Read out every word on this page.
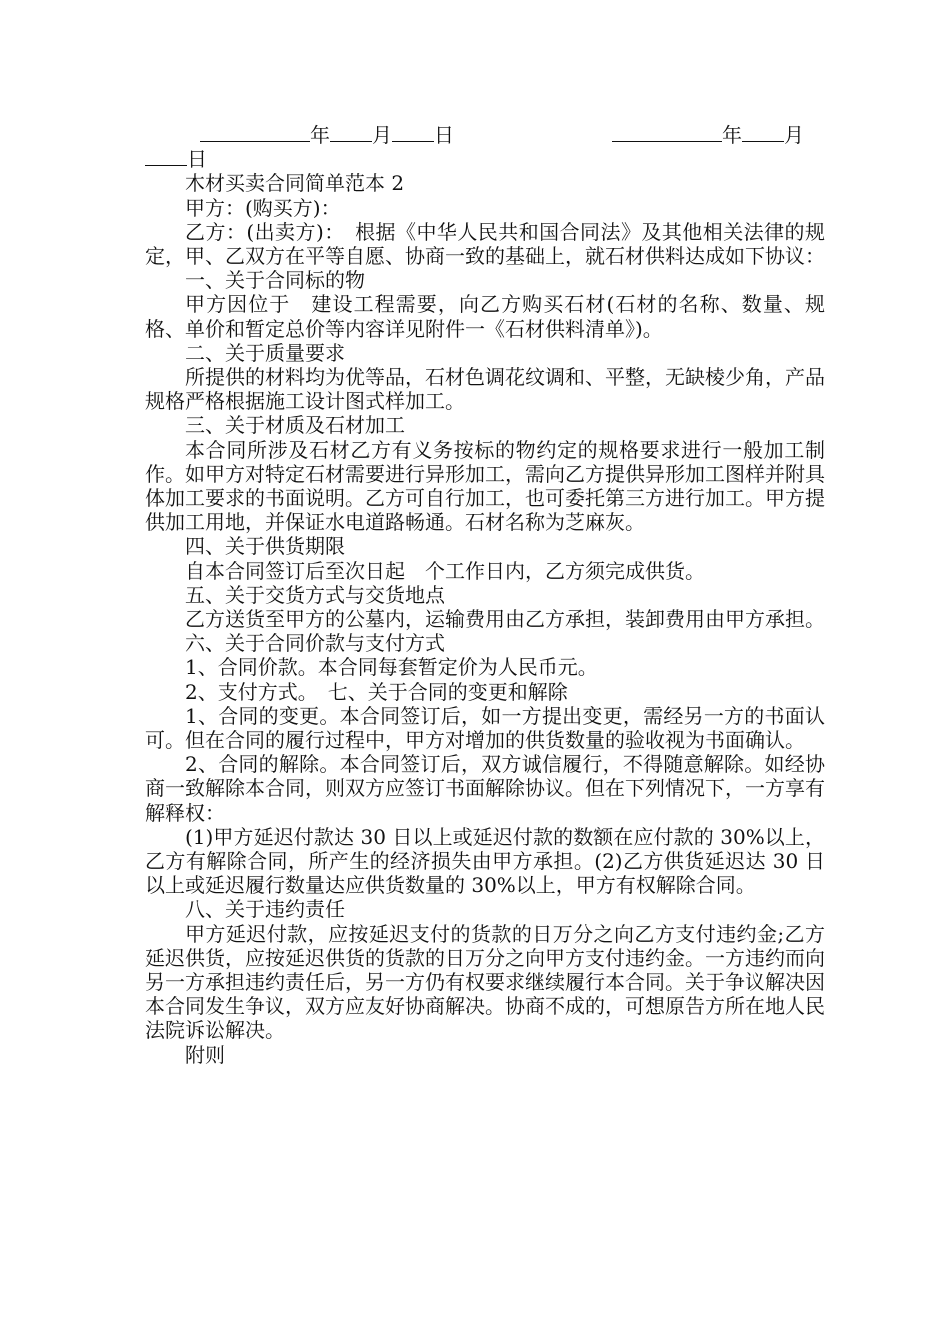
年 月 日	年 月
日

木材买卖合同简单范本 2

甲方：(购买方)：

乙方：(出卖方)：　根据《中华人民共和国合同法》及其他相关法律的规定，甲、乙双方在平等自愿、协商一致的基础上，就石材供料达成如下协议：

一、关于合同标的物

甲方因位于　建设工程需要，向乙方购买石材(石材的名称、数量、规格、单价和暂定总价等内容详见附件一《石材供料清单》)。

二、关于质量要求

所提供的材料均为优等品，石材色调花纹调和、平整，无缺棱少角，产品规格严格根据施工设计图式样加工。

三、关于材质及石材加工

本合同所涉及石材乙方有义务按标的物约定的规格要求进行一般加工制作。如甲方对特定石材需要进行异形加工，需向乙方提供异形加工图样并附具体加工要求的书面说明。乙方可自行加工，也可委托第三方进行加工。甲方提供加工用地，并保证水电道路畅通。石材名称为芝麻灰。

四、关于供货期限

自本合同签订后至次日起　个工作日内，乙方须完成供货。

五、关于交货方式与交货地点

乙方送货至甲方的公墓内，运输费用由乙方承担，装卸费用由甲方承担。

六、关于合同价款与支付方式

1、合同价款。本合同每套暂定价为人民币元。

2、支付方式。　七、关于合同的变更和解除

1、合同的变更。本合同签订后，如一方提出变更，需经另一方的书面认可。但在合同的履行过程中，甲方对增加的供货数量的验收视为书面确认。

2、合同的解除。本合同签订后，双方诚信履行，不得随意解除。如经协商一致解除本合同，则双方应签订书面解除协议。但在下列情况下，一方享有解释权：

(1)甲方延迟付款达 30 日以上或延迟付款的数额在应付款的 30%以上，乙方有解除合同，所产生的经济损失由甲方承担。(2)乙方供货延迟达 30 日以上或延迟履行数量达应供货数量的 30%以上，甲方有权解除合同。

八、关于违约责任

甲方延迟付款，应按延迟支付的货款的日万分之向乙方支付违约金;乙方延迟供货，应按延迟供货的货款的日万分之向甲方支付违约金。一方违约而向另一方承担违约责任后，另一方仍有权要求继续履行本合同。关于争议解决因本合同发生争议，双方应友好协商解决。协商不成的，可想原告方所在地人民法院诉讼解决。

附则
